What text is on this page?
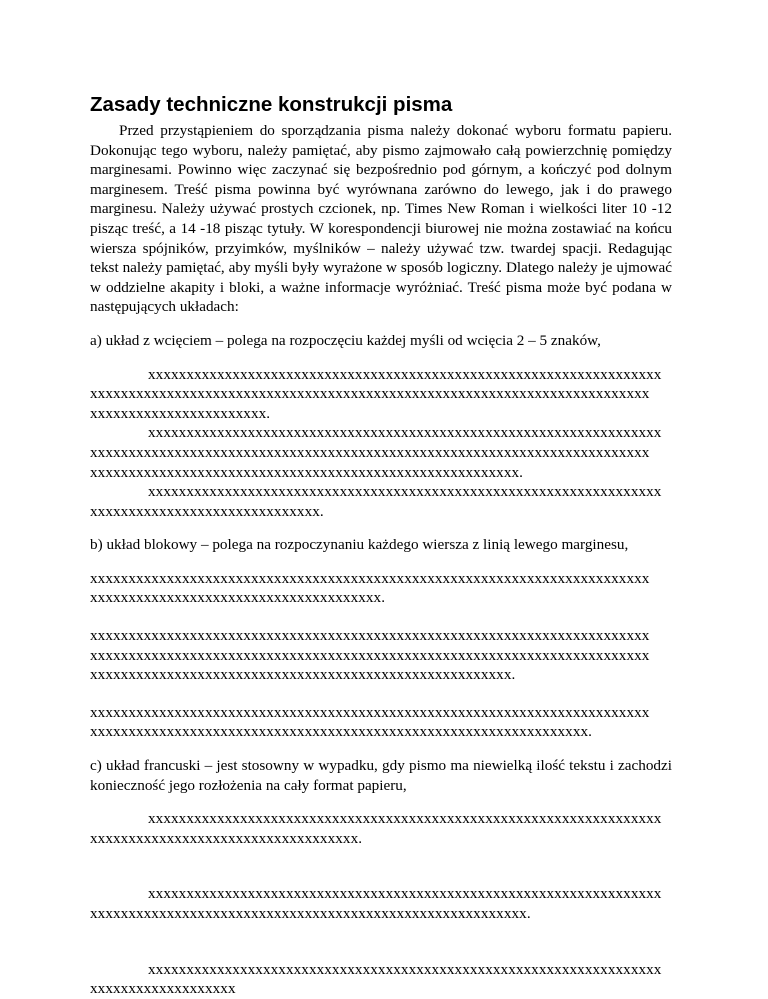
Zasady techniczne konstrukcji pisma

Przed przystąpieniem do sporządzania pisma należy dokonać wyboru formatu papieru. Dokonując tego wyboru, należy pamiętać, aby pismo zajmowało całą powierzchnię pomiędzy marginesami. Powinno więc zaczynać się bezpośrednio pod górnym, a kończyć pod dolnym marginesem. Treść pisma powinna być wyrównana zarówno do lewego, jak i do prawego marginesu. Należy używać prostych czcionek, np. Times New Roman i wielkości liter 10 -12 pisząc treść, a 14 -18 pisząc tytuły. W korespondencji biurowej nie można zostawiać na końcu wiersza spójników, przyimków, myślników – należy używać tzw. twardej spacji. Redagując tekst należy pamiętać, aby myśli były wyrażone w sposób logiczny. Dlatego należy je ujmować w oddzielne akapity i bloki, a ważne informacje wyróżniać. Treść pisma może być podana w następujących układach:

a) układ z wcięciem – polega na rozpoczęciu każdej myśli od wcięcia 2 – 5 znaków,

xxxxxxxxxxxxxxxxxxxxxxxxxxxxxxxxxxxxxxxxxxxxxxxxxxxxxxxxxxxxxxxxxxx
xxxxxxxxxxxxxxxxxxxxxxxxxxxxxxxxxxxxxxxxxxxxxxxxxxxxxxxxxxxxxxxxxxxxxxxxx
xxxxxxxxxxxxxxxxxxxxxxx.
xxxxxxxxxxxxxxxxxxxxxxxxxxxxxxxxxxxxxxxxxxxxxxxxxxxxxxxxxxxxxxxxxxx
xxxxxxxxxxxxxxxxxxxxxxxxxxxxxxxxxxxxxxxxxxxxxxxxxxxxxxxxxxxxxxxxxxxxxxxxx
xxxxxxxxxxxxxxxxxxxxxxxxxxxxxxxxxxxxxxxxxxxxxxxxxxxxxxxx.
xxxxxxxxxxxxxxxxxxxxxxxxxxxxxxxxxxxxxxxxxxxxxxxxxxxxxxxxxxxxxxxxxxx
xxxxxxxxxxxxxxxxxxxxxxxxxxxxxx.

b) układ blokowy – polega na rozpoczynaniu każdego wiersza z linią lewego marginesu,

xxxxxxxxxxxxxxxxxxxxxxxxxxxxxxxxxxxxxxxxxxxxxxxxxxxxxxxxxxxxxxxxxxxxxxxxx
xxxxxxxxxxxxxxxxxxxxxxxxxxxxxxxxxxxxxx.
xxxxxxxxxxxxxxxxxxxxxxxxxxxxxxxxxxxxxxxxxxxxxxxxxxxxxxxxxxxxxxxxxxxxxxxxx
xxxxxxxxxxxxxxxxxxxxxxxxxxxxxxxxxxxxxxxxxxxxxxxxxxxxxxxxxxxxxxxxxxxxxxxxx
xxxxxxxxxxxxxxxxxxxxxxxxxxxxxxxxxxxxxxxxxxxxxxxxxxxxxxx.
xxxxxxxxxxxxxxxxxxxxxxxxxxxxxxxxxxxxxxxxxxxxxxxxxxxxxxxxxxxxxxxxxxxxxxxxx
xxxxxxxxxxxxxxxxxxxxxxxxxxxxxxxxxxxxxxxxxxxxxxxxxxxxxxxxxxxxxxxxx.

c) układ francuski – jest stosowny w wypadku, gdy pismo ma niewielką ilość tekstu i zachodzi konieczność jego rozłożenia na cały format papieru,

xxxxxxxxxxxxxxxxxxxxxxxxxxxxxxxxxxxxxxxxxxxxxxxxxxxxxxxxxxxxxxxxxxx
xxxxxxxxxxxxxxxxxxxxxxxxxxxxxxxxxxx.
xxxxxxxxxxxxxxxxxxxxxxxxxxxxxxxxxxxxxxxxxxxxxxxxxxxxxxxxxxxxxxxxxxx
xxxxxxxxxxxxxxxxxxxxxxxxxxxxxxxxxxxxxxxxxxxxxxxxxxxxxxxxx.
xxxxxxxxxxxxxxxxxxxxxxxxxxxxxxxxxxxxxxxxxxxxxxxxxxxxxxxxxxxxxxxxxxx
xxxxxxxxxxxxxxxxxxx
